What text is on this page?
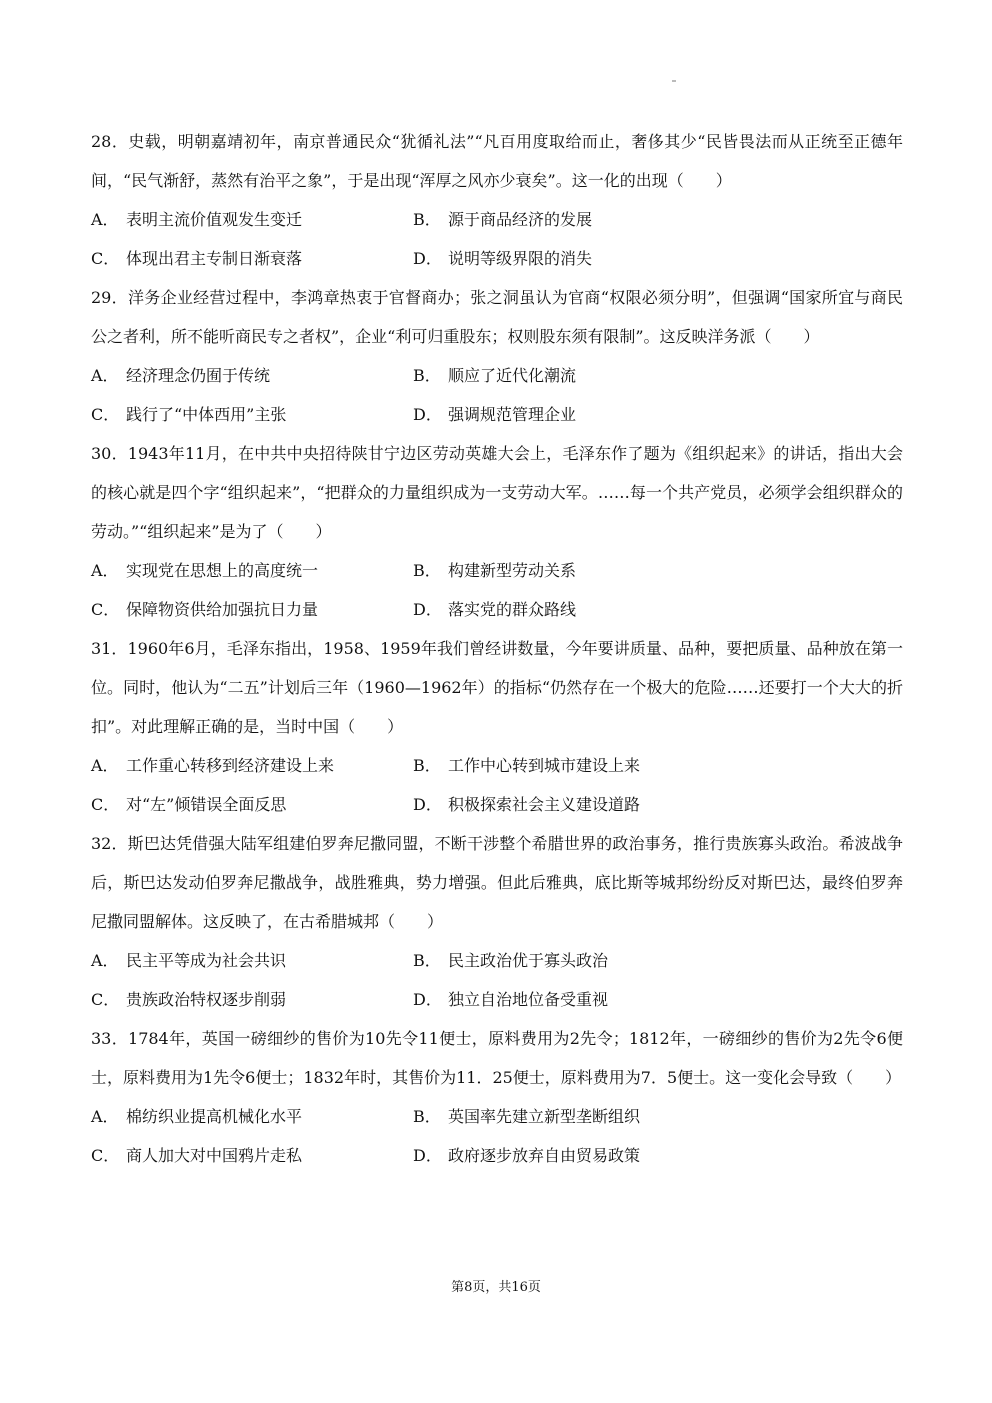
28．史载，明朝嘉靖初年，南京普通民众“犹循礼法”“凡百用度取给而止，奢侈其少“民皆畏法而从正统至正德年间，“民气渐舒，蒸然有治平之象”，于是出现“浑厚之风亦少衰矣”。这一化的出现（　　）
A． 表明主流价值观发生变迁	B． 源于商品经济的发展
C． 体现出君主专制日渐衰落	D． 说明等级界限的消失
29．洋务企业经营过程中，李鸿章热衷于官督商办；张之洞虽认为官商“权限必须分明”，但强调“国家所宜与商民公之者利，所不能听商民专之者权”，企业“利可归重股东；权则股东须有限制”。这反映洋务派（　　）
A． 经济理念仍囿于传统	B． 顺应了近代化潮流
C． 践行了“中体西用”主张	D． 强调规范管理企业
30．1943年11月，在中共中央招待陕甘宁边区劳动英雄大会上，毛泽东作了题为《组织起来》的讲话，指出大会的核心就是四个字“组织起来”，“把群众的力量组织成为一支劳动大军。……每一个共产党员，必须学会组织群众的劳动。”“组织起来”是为了（　　）
A． 实现党在思想上的高度统一	B． 构建新型劳动关系
C． 保障物资供给加强抗日力量	D． 落实党的群众路线
31．1960年6月，毛泽东指出，1958、1959年我们曾经讲数量，今年要讲质量、品种，要把质量、品种放在第一位。同时，他认为“二五”计划后三年（1960—1962年）的指标“仍然存在一个极大的危险……还要打一个大大的折扣”。对此理解正确的是，当时中国（　　）
A． 工作重心转移到经济建设上来	B． 工作中心转到城市建设上来
C． 对“左”倾错误全面反思	D． 积极探索社会主义建设道路
32．斯巴达凭借强大陆军组建伯罗奔尼撒同盟，不断干涉整个希腊世界的政治事务，推行贵族寡头政治。希波战争后，斯巴达发动伯罗奔尼撒战争，战胜雅典，势力增强。但此后雅典，底比斯等城邦纷纷反对斯巴达，最终伯罗奔尼撒同盟解体。这反映了，在古希腊城邦（　　）
A． 民主平等成为社会共识	B． 民主政治优于寡头政治
C． 贵族政治特权逐步削弱	D． 独立自治地位备受重视
33．1784年，英国一磅细纱的售价为10先令11便士，原料费用为2先令；1812年，一磅细纱的售价为2先令6便士，原料费用为1先令6便士；1832年时，其售价为11．25便士，原料费用为7．5便士。这一变化会导致（　　）
A． 棉纺织业提高机械化水平	B． 英国率先建立新型垄断组织
C． 商人加大对中国鸦片走私	D． 政府逐步放弃自由贸易政策
第8页，共16页
